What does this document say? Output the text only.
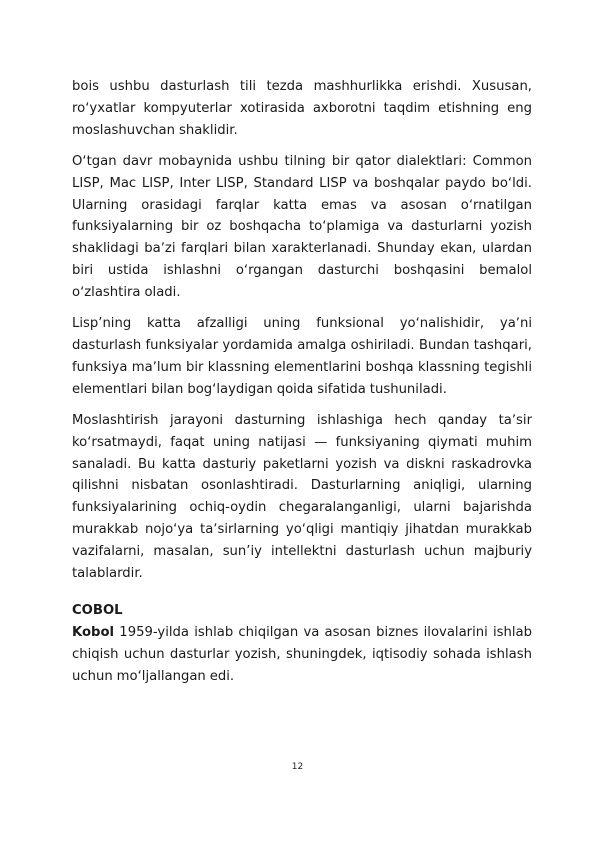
bois ushbu dasturlash tili tezda mashhurlikka erishdi. Xususan, roʻyxatlar kompyuterlar xotirasida axborotni taqdim etishning eng moslashuvchan shaklidir.

Oʻtgan davr mobaynida ushbu tilning bir qator dialektlari: Common LISP, Mac LISP, Inter LISP, Standard LISP va boshqalar paydo boʻldi. Ularning orasidagi farqlar katta emas va asosan oʻrnatilgan funksiyalarning bir oz boshqacha toʻplamiga va dasturlarni yozish shaklidagi baʼzi farqlari bilan xarakterlanadi. Shunday ekan, ulardan biri ustida ishlashni oʻrgangan dasturchi boshqasini bemalol oʻzlashtira oladi.

Lisp’ning katta afzalligi uning funksional yoʻnalishidir, yaʼni dasturlash funksiyalar yordamida amalga oshiriladi. Bundan tashqari, funksiya maʼlum bir klassning elementlarini boshqa klassning tegishli elementlari bilan bogʻlaydigan qoida sifatida tushuniladi.

Moslashtirish jarayoni dasturning ishlashiga hech qanday taʼsir koʻrsatmaydi, faqat uning natijasi — funksiyaning qiymati muhim sanaladi. Bu katta dasturiy paketlarni yozish va diskni raskadrovka qilishni nisbatan osonlashtiradi. Dasturlarning aniqligi, ularning funksiyalarining ochiq-oydin chegaralanganligi, ularni bajarishda murakkab nojoʻya taʼsirlarning yoʻqligi mantiqiy jihatdan murakkab vazifalarni, masalan, sun’iy intellektni dasturlash uchun majburiy talablardir.

COBOL

Kobol 1959-yilda ishlab chiqilgan va asosan biznes ilovalarini ishlab chiqish uchun dasturlar yozish, shuningdek, iqtisodiy sohada ishlash uchun moʻljallangan edi.

12
